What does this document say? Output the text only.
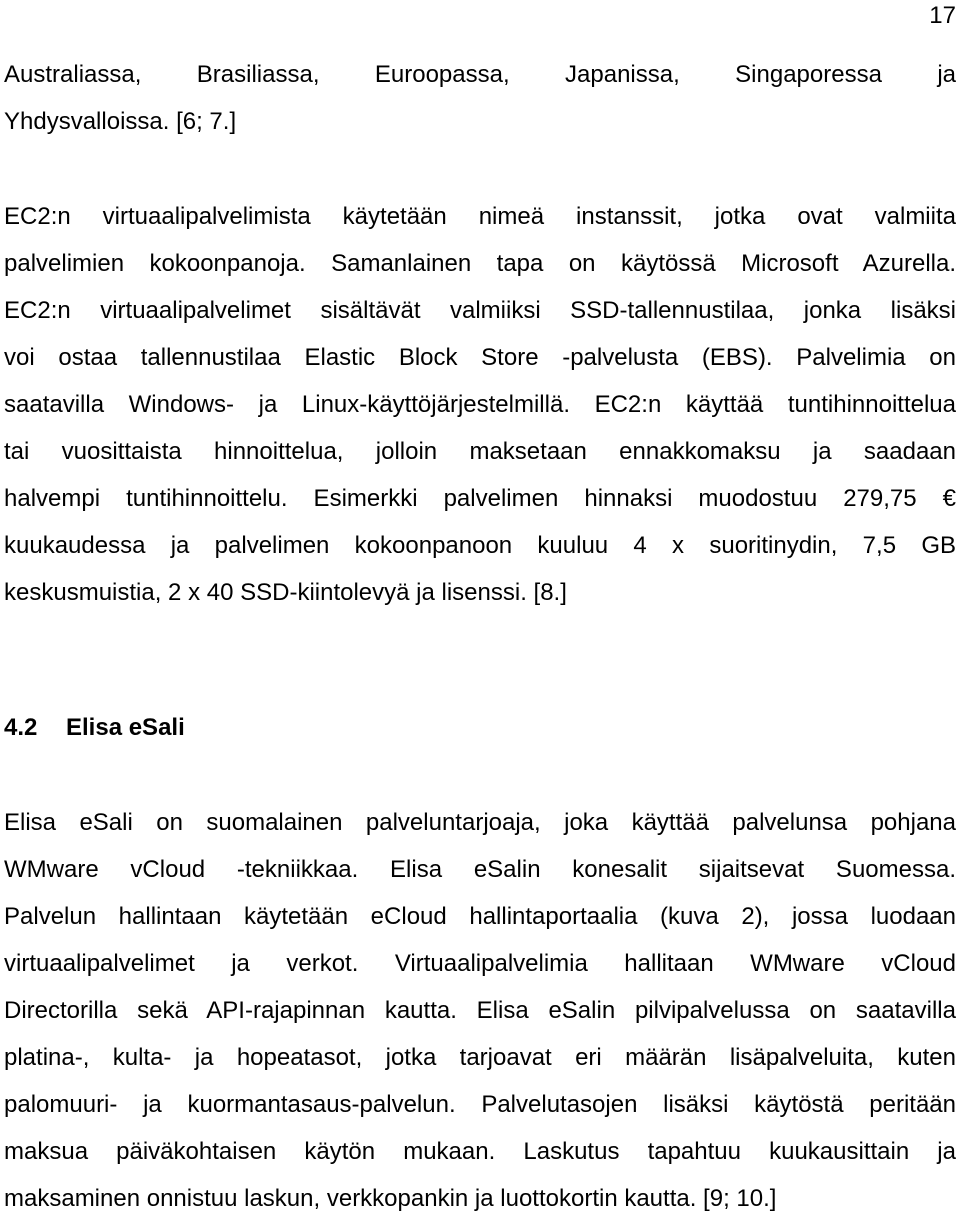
17

Australiassa, Brasiliassa, Euroopassa, Japanissa, Singaporessa ja
Yhdysvalloissa. [6; 7.]

EC2:n virtuaalipalvelimista käytetään nimeä instanssit, jotka ovat valmiita
palvelimien kokoonpanoja. Samanlainen tapa on käytössä Microsoft Azurella.
EC2:n virtuaalipalvelimet sisältävät valmiiksi SSD-tallennustilaa, jonka lisäksi
voi ostaa tallennustilaa Elastic Block Store -palvelusta (EBS). Palvelimia on
saatavilla Windows- ja Linux-käyttöjärjestelmillä. EC2:n käyttää tuntihinnoittelua
tai vuosittaista hinnoittelua, jolloin maksetaan ennakkomaksu ja saadaan
halvempi tuntihinnoittelu. Esimerkki palvelimen hinnaksi muodostuu 279,75 €
kuukaudessa ja palvelimen kokoonpanoon kuuluu 4 x suoritinydin, 7,5 GB
keskusmuistia, 2 x 40 SSD-kiintolevyä ja lisenssi. [8.]

4.2 Elisa eSali

Elisa eSali on suomalainen palveluntarjoaja, joka käyttää palvelunsa pohjana
WMware vCloud -tekniikkaa. Elisa eSalin konesalit sijaitsevat Suomessa.
Palvelun hallintaan käytetään eCloud hallintaportaalia (kuva 2), jossa luodaan
virtuaalipalvelimet ja verkot. Virtuaalipalvelimia hallitaan WMware vCloud
Directorilla sekä API-rajapinnan kautta. Elisa eSalin pilvipalvelussa on saatavilla
platina-, kulta- ja hopeatasot, jotka tarjoavat eri määrän lisäpalveluita, kuten
palomuuri- ja kuormantasaus-palvelun. Palvelutasojen lisäksi käytöstä peritään
maksua päiväkohtaisen käytön mukaan. Laskutus tapahtuu kuukausittain ja
maksaminen onnistuu laskun, verkkopankin ja luottokortin kautta. [9; 10.]
